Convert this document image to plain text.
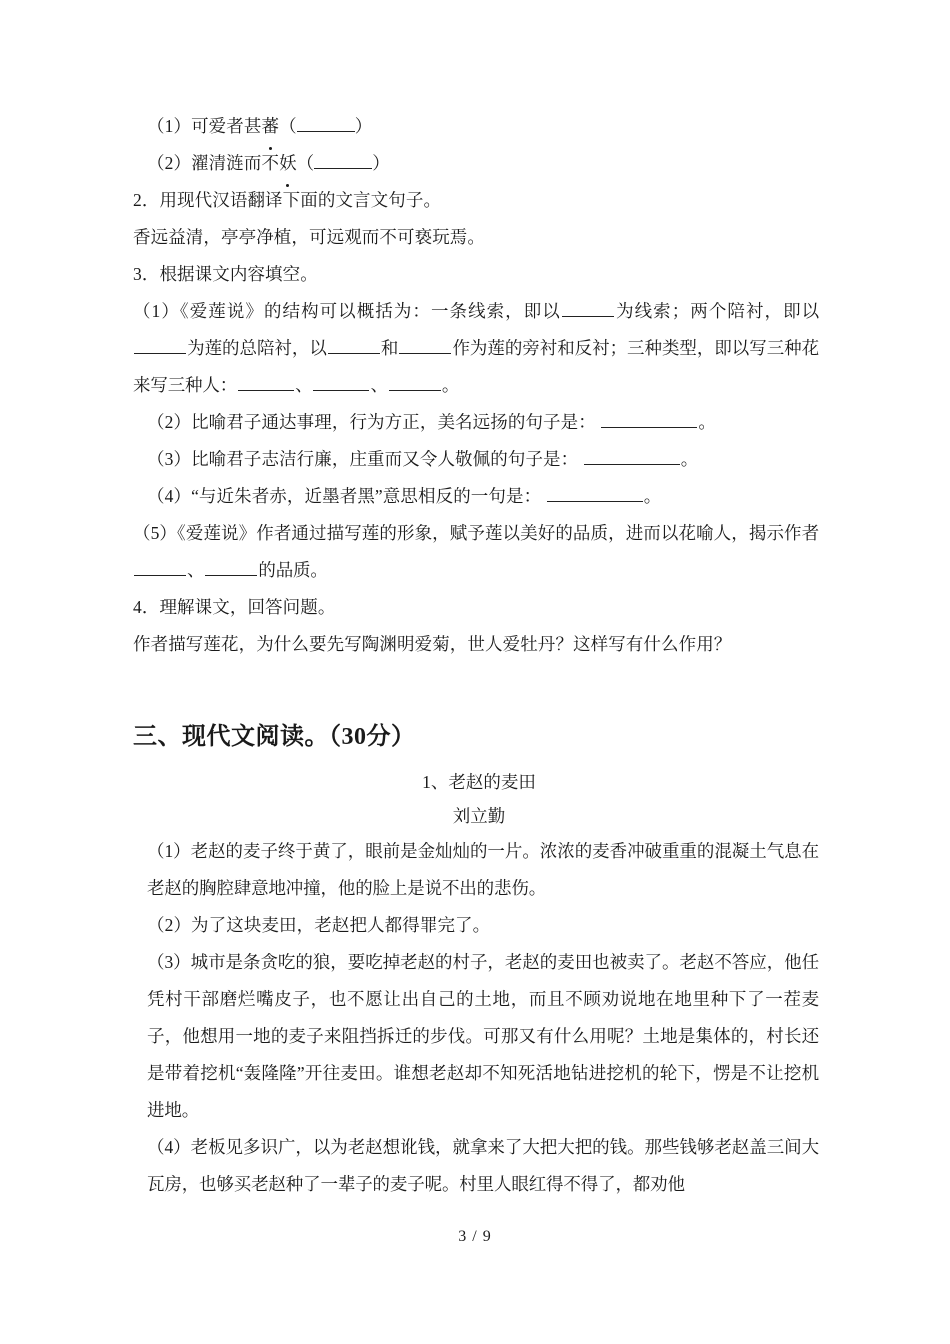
（1）可爱者甚蕃（	）
（2）濯清涟而不妖（	）
2．用现代汉语翻译下面的文言文句子。
香远益清，亭亭净植，可远观而不可亵玩焉。
3．根据课文内容填空。
（1）《爱莲说》的结构可以概括为：一条线索，即以	为线索；两个陪衬，即以为莲的总陪衬，以	和	作为莲的旁衬和反衬；三种类型，即以写三种花来写三种人：	、	、	。
（2）比喻君子通达事理，行为方正，美名远扬的句子是：	。
（3）比喻君子志洁行廉，庄重而又令人敬佩的句子是：	。
（4）“与近朱者赤，近墨者黑”意思相反的一句是：	。
（5）《爱莲说》作者通过描写莲的形象，赋予莲以美好的品质，进而以花喻人，揭示作者、	的品质。
4．理解课文，回答问题。
作者描写莲花，为什么要先写陶渊明爱菊，世人爱牡丹？这样写有什么作用？
三、现代文阅读。（30分）
1、老赵的麦田
刘立勤
（1）老赵的麦子终于黄了，眼前是金灿灿的一片。浓浓的麦香冲破重重的混凝土气息在老赵的胸腔肆意地冲撞，他的脸上是说不出的悲伤。
（2）为了这块麦田，老赵把人都得罪完了。
（3）城市是条贪吃的狼，要吃掉老赵的村子，老赵的麦田也被卖了。老赵不答应，他任凭村干部磨烂嘴皮子，也不愿让出自己的土地，而且不顾劝说地在地里种下了一茬麦子，他想用一地的麦子来阻挡拆迁的步伐。可那又有什么用呢？土地是集体的，村长还是带着挖机“轰隆隆”开往麦田。谁想老赵却不知死活地钻进挖机的轮下，愣是不让挖机进地。
（4）老板见多识广，以为老赵想讹钱，就拿来了大把大把的钱。那些钱够老赵盖三间大瓦房，也够买老赵种了一辈子的麦子呢。村里人眼红得不得了，都劝他
3 / 9
